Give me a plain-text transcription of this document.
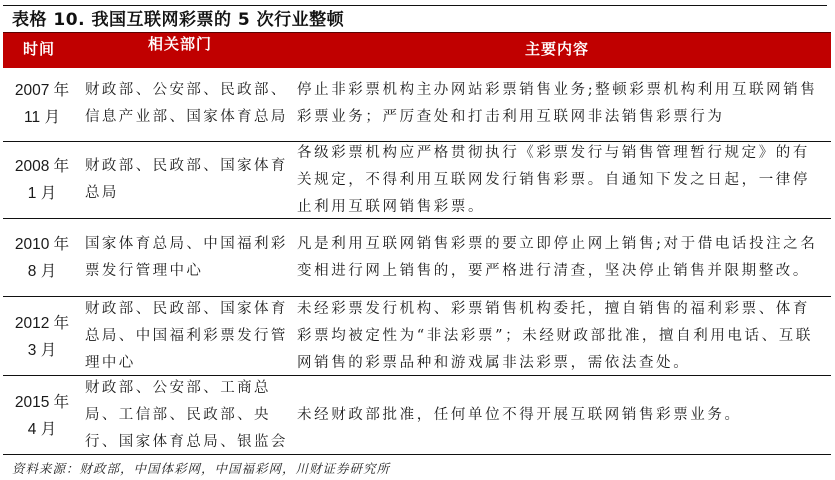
表格 10. 我国互联网彩票的 5 次行业整顿
时间	相关部门	主要内容
2007 年
11 月
财政部、公安部、民政部、信息产业部、国家体育总局
停止非彩票机构主办网站彩票销售业务;整顿彩票机构利用互联网销售彩票业务；严厉查处和打击利用互联网非法销售彩票行为
2008 年
1 月
财政部、民政部、国家体育总局
各级彩票机构应严格贯彻执行《彩票发行与销售管理暂行规定》的有关规定，不得利用互联网发行销售彩票。自通知下发之日起，一律停止利用互联网销售彩票。
2010 年
8 月
国家体育总局、中国福利彩票发行管理中心
凡是利用互联网销售彩票的要立即停止网上销售;对于借电话投注之名变相进行网上销售的，要严格进行清查，坚决停止销售并限期整改。
2012 年
3 月
财政部、民政部、国家体育总局、中国福利彩票发行管理中心
未经彩票发行机构、彩票销售机构委托，擅自销售的福利彩票、体育彩票均被定性为“非法彩票”；未经财政部批准，擅自利用电话、互联网销售的彩票品种和游戏属非法彩票，需依法查处。
2015 年
4 月
财政部、公安部、工商总局、工信部、民政部、央行、国家体育总局、银监会
未经财政部批准，任何单位不得开展互联网销售彩票业务。
资料来源：财政部，中国体彩网，中国福彩网，川财证券研究所
